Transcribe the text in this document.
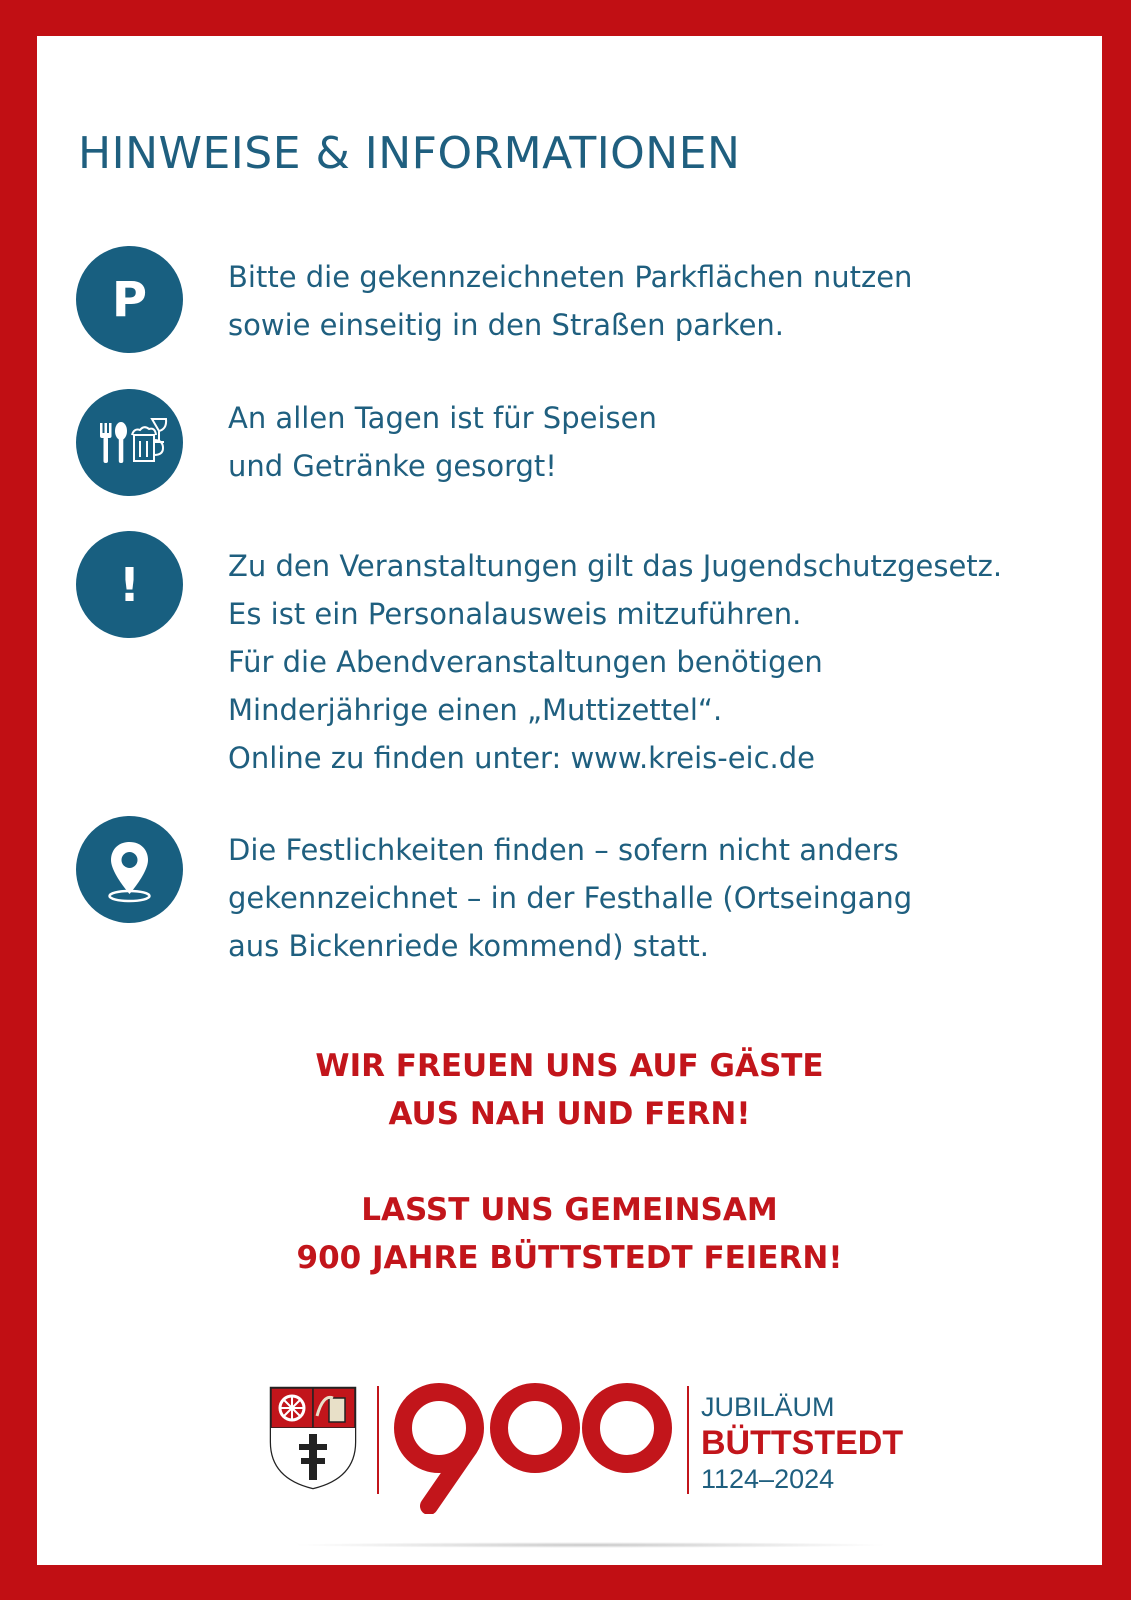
HINWEISE & INFORMATIONEN
P	Bitte die gekennzeichneten Parkflächen nutzen
sowie einseitig in den Straßen parken.
An allen Tagen ist für Speisen
und Getränke gesorgt!
!	Zu den Veranstaltungen gilt das Jugendschutzgesetz.
Es ist ein Personalausweis mitzuführen.
Für die Abendveranstaltungen benötigen
Minderjährige einen „Muttizettel“.
Online zu finden unter: www.kreis-eic.de
Die Festlichkeiten finden – sofern nicht anders
gekennzeichnet – in der Festhalle (Ortseingang
aus Bickenriede kommend) statt.
WIR FREUEN UNS AUF GÄSTE
AUS NAH UND FERN!
LASST UNS GEMEINSAM
900 JAHRE BÜTTSTEDT FEIERN!
JUBILÄUM
BÜTTSTEDT
1124–2024
